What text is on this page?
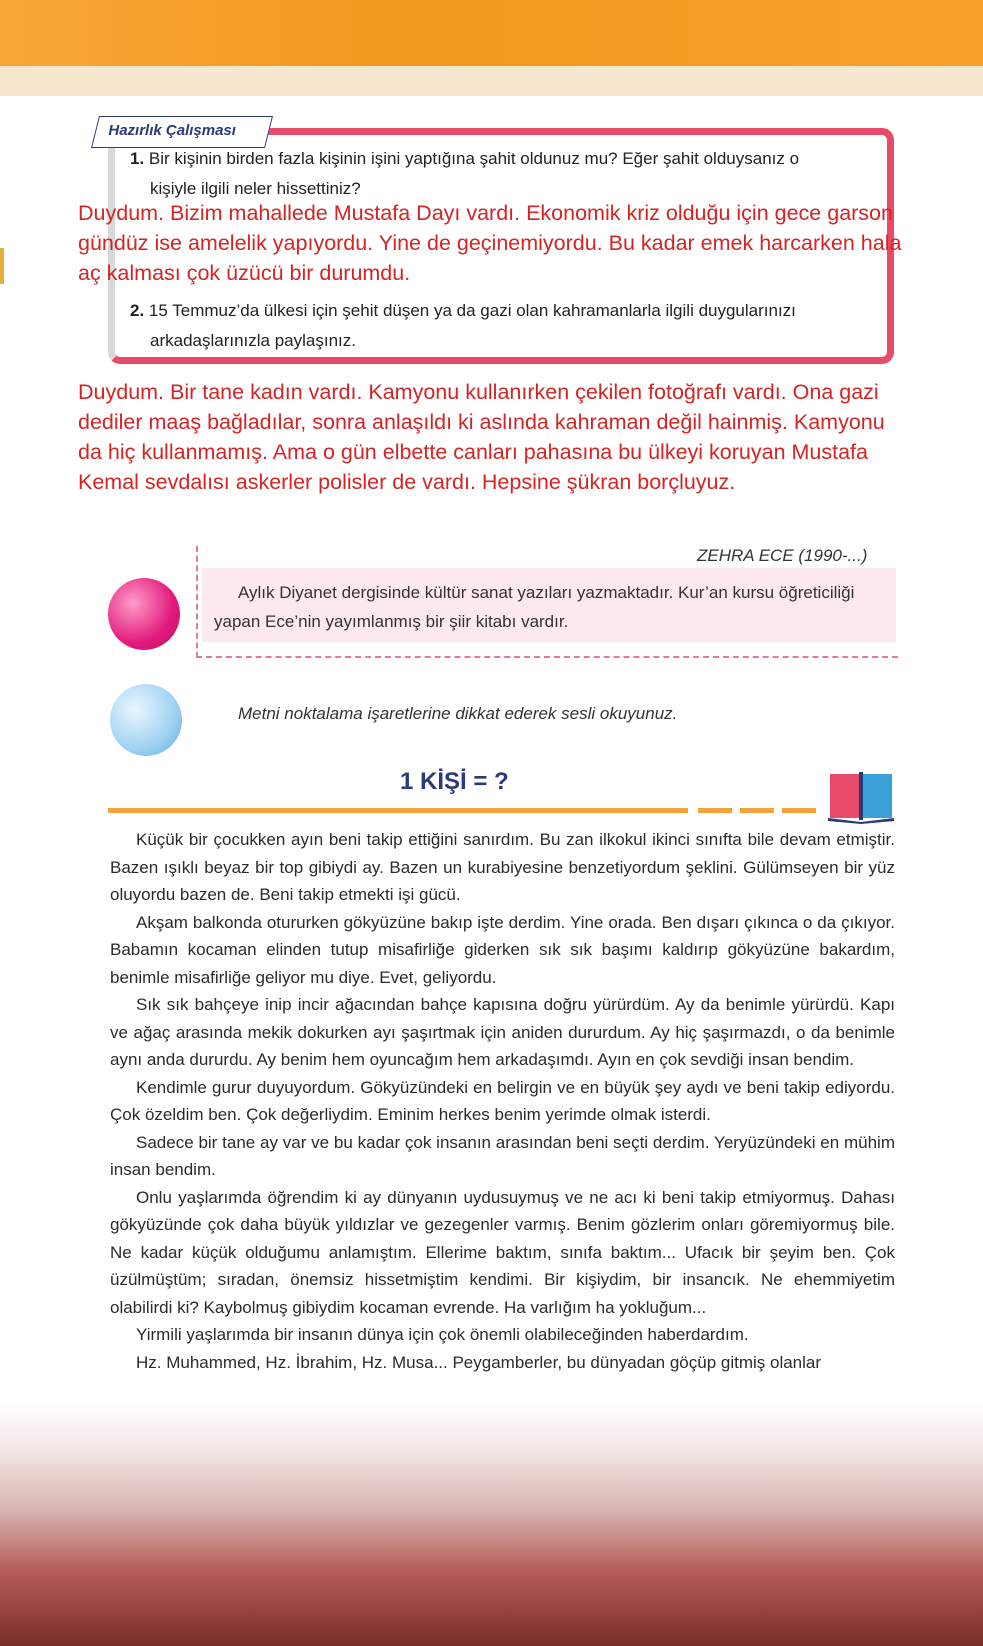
Hazırlık Çalışması
1. Bir kişinin birden fazla kişinin işini yaptığına şahit oldunuz mu? Eğer şahit olduysanız o
kişiyle ilgili neler hissettiniz?
Duydum. Bizim mahallede Mustafa Dayı vardı. Ekonomik kriz olduğu için gece garson
gündüz ise amelelik yapıyordu. Yine de geçinemiyordu. Bu kadar emek harcarken hala
aç kalması çok üzücü bir durumdu.
2. 15 Temmuz’da ülkesi için şehit düşen ya da gazi olan kahramanlarla ilgili duygularınızı
arkadaşlarınızla paylaşınız.
Duydum. Bir tane kadın vardı. Kamyonu kullanırken çekilen fotoğrafı vardı. Ona gazi
dediler maaş bağladılar, sonra anlaşıldı ki aslında kahraman değil hainmiş. Kamyonu
da hiç kullanmamış. Ama o gün elbette canları pahasına bu ülkeyi koruyan Mustafa
Kemal sevdalısı askerler polisler de vardı. Hepsine şükran borçluyuz.
ZEHRA ECE (1990-...)
Aylık Diyanet dergisinde kültür sanat yazıları yazmaktadır. Kur’an kursu öğreticiliği yapan Ece’nin yayımlanmış bir şiir kitabı vardır.
Metni noktalama işaretlerine dikkat ederek sesli okuyunuz.
1 KİŞİ = ?

Küçük bir çocukken ayın beni takip ettiğini sanırdım. Bu zan ilkokul ikinci sınıfta bile devam etmiştir. Bazen ışıklı beyaz bir top gibiydi ay. Bazen un kurabiyesine benzetiyordum şeklini. Gülümseyen bir yüz oluyordu bazen de. Beni takip etmekti işi gücü.

Akşam balkonda otururken gökyüzüne bakıp işte derdim. Yine orada. Ben dışarı çıkınca o da çıkıyor. Babamın kocaman elinden tutup misafirliğe giderken sık sık başımı kaldırıp gökyüzüne bakardım, benimle misafirliğe geliyor mu diye. Evet, geliyordu.

Sık sık bahçeye inip incir ağacından bahçe kapısına doğru yürürdüm. Ay da benimle yürürdü. Kapı ve ağaç arasında mekik dokurken ayı şaşırtmak için aniden dururdum. Ay hiç şaşırmazdı, o da benimle aynı anda dururdu. Ay benim hem oyuncağım hem arkadaşımdı. Ayın en çok sevdiği insan bendim.

Kendimle gurur duyuyordum. Gökyüzündeki en belirgin ve en büyük şey aydı ve beni takip ediyordu. Çok özeldim ben. Çok değerliydim. Eminim herkes benim yerimde olmak isterdi.

Sadece bir tane ay var ve bu kadar çok insanın arasından beni seçti derdim. Yeryüzündeki en mühim insan bendim.

Onlu yaşlarımda öğrendim ki ay dünyanın uydusuymuş ve ne acı ki beni takip etmiyormuş. Dahası gökyüzünde çok daha büyük yıldızlar ve gezegenler varmış. Benim gözlerim onları göremiyormuş bile. Ne kadar küçük olduğumu anlamıştım. Ellerime baktım, sınıfa baktım... Ufacık bir şeyim ben. Çok üzülmüştüm; sıradan, önemsiz hissetmiştim kendimi. Bir kişiydim, bir insancık. Ne ehemmiyetim olabilirdi ki? Kaybolmuş gibiydim kocaman evrende. Ha varlığım ha yokluğum...

Yirmili yaşlarımda bir insanın dünya için çok önemli olabileceğinden haberdardım.

Hz. Muhammed, Hz. İbrahim, Hz. Musa... Peygamberler, bu dünyadan göçüp gitmiş olanlar
